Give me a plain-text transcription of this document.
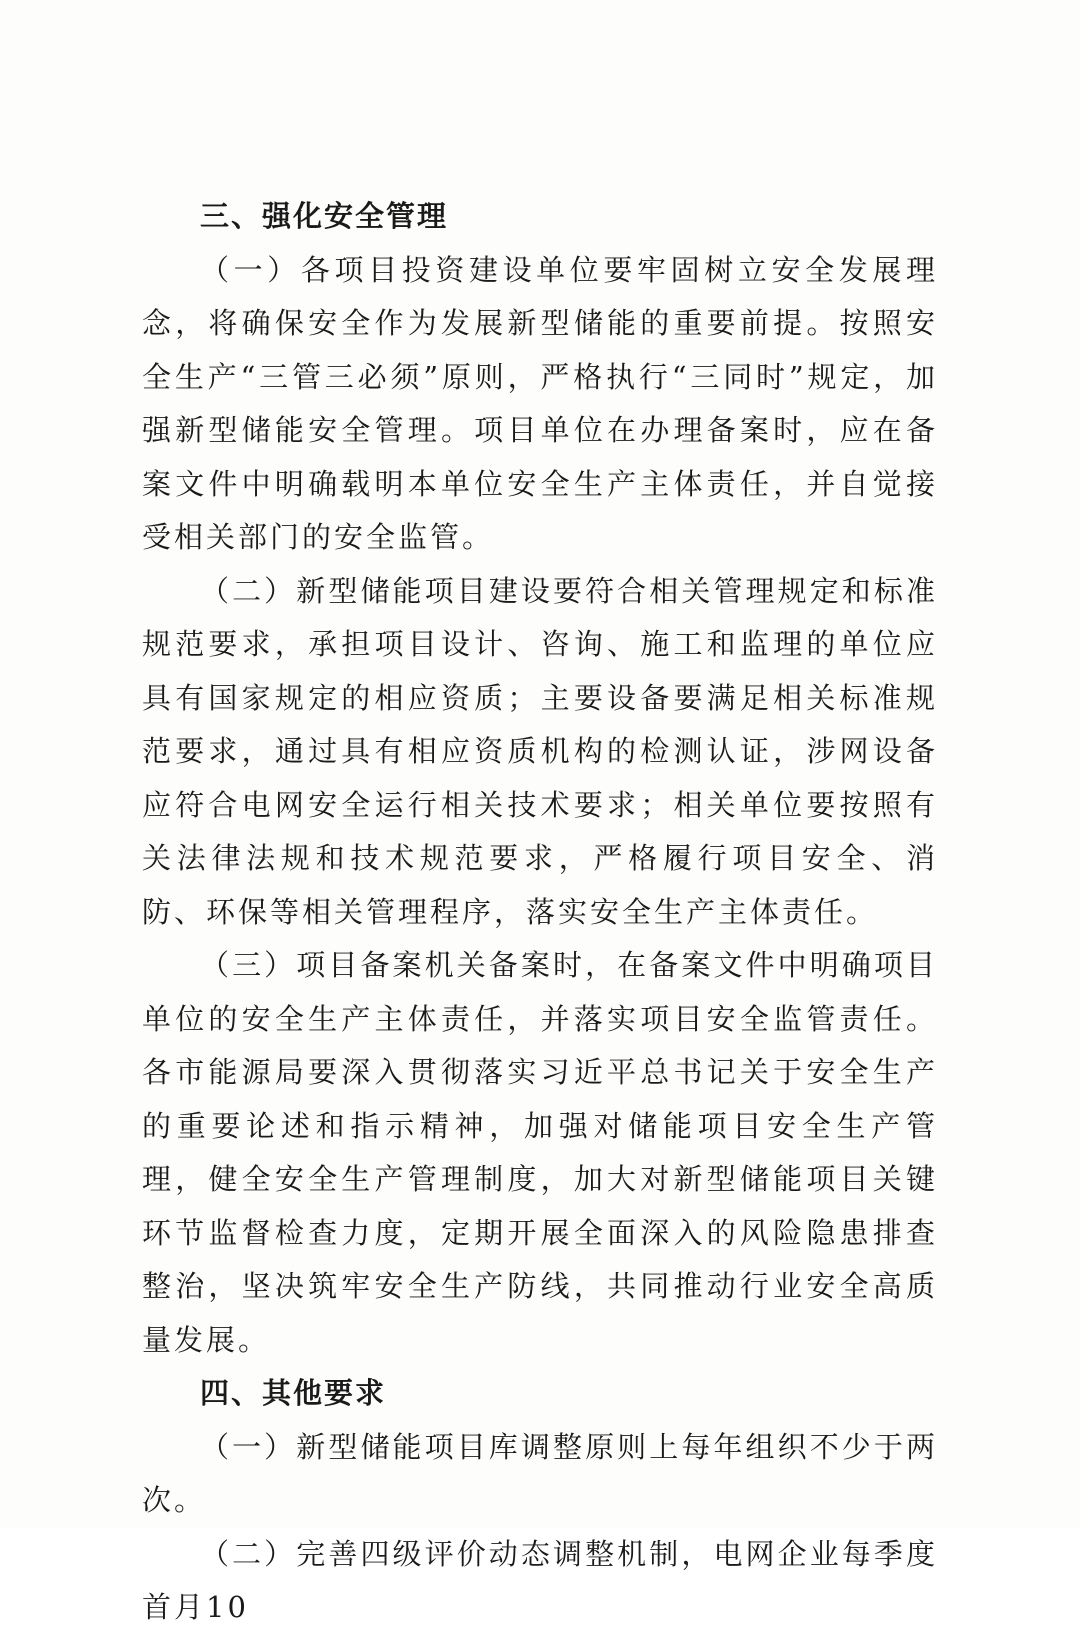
三、强化安全管理

（一）各项目投资建设单位要牢固树立安全发展理念，将确保安全作为发展新型储能的重要前提。按照安全生产“三管三必须”原则，严格执行“三同时”规定，加强新型储能安全管理。项目单位在办理备案时，应在备案文件中明确载明本单位安全生产主体责任，并自觉接受相关部门的安全监管。

（二）新型储能项目建设要符合相关管理规定和标准规范要求，承担项目设计、咨询、施工和监理的单位应具有国家规定的相应资质；主要设备要满足相关标准规范要求，通过具有相应资质机构的检测认证，涉网设备应符合电网安全运行相关技术要求；相关单位要按照有关法律法规和技术规范要求，严格履行项目安全、消防、环保等相关管理程序，落实安全生产主体责任。

（三）项目备案机关备案时，在备案文件中明确项目单位的安全生产主体责任，并落实项目安全监管责任。各市能源局要深入贯彻落实习近平总书记关于安全生产的重要论述和指示精神，加强对储能项目安全生产管理，健全安全生产管理制度，加大对新型储能项目关键环节监督检查力度，定期开展全面深入的风险隐患排查整治，坚决筑牢安全生产防线，共同推动行业安全高质量发展。

四、其他要求

（一）新型储能项目库调整原则上每年组织不少于两次。

（二）完善四级评价动态调整机制，电网企业每季度首月10
